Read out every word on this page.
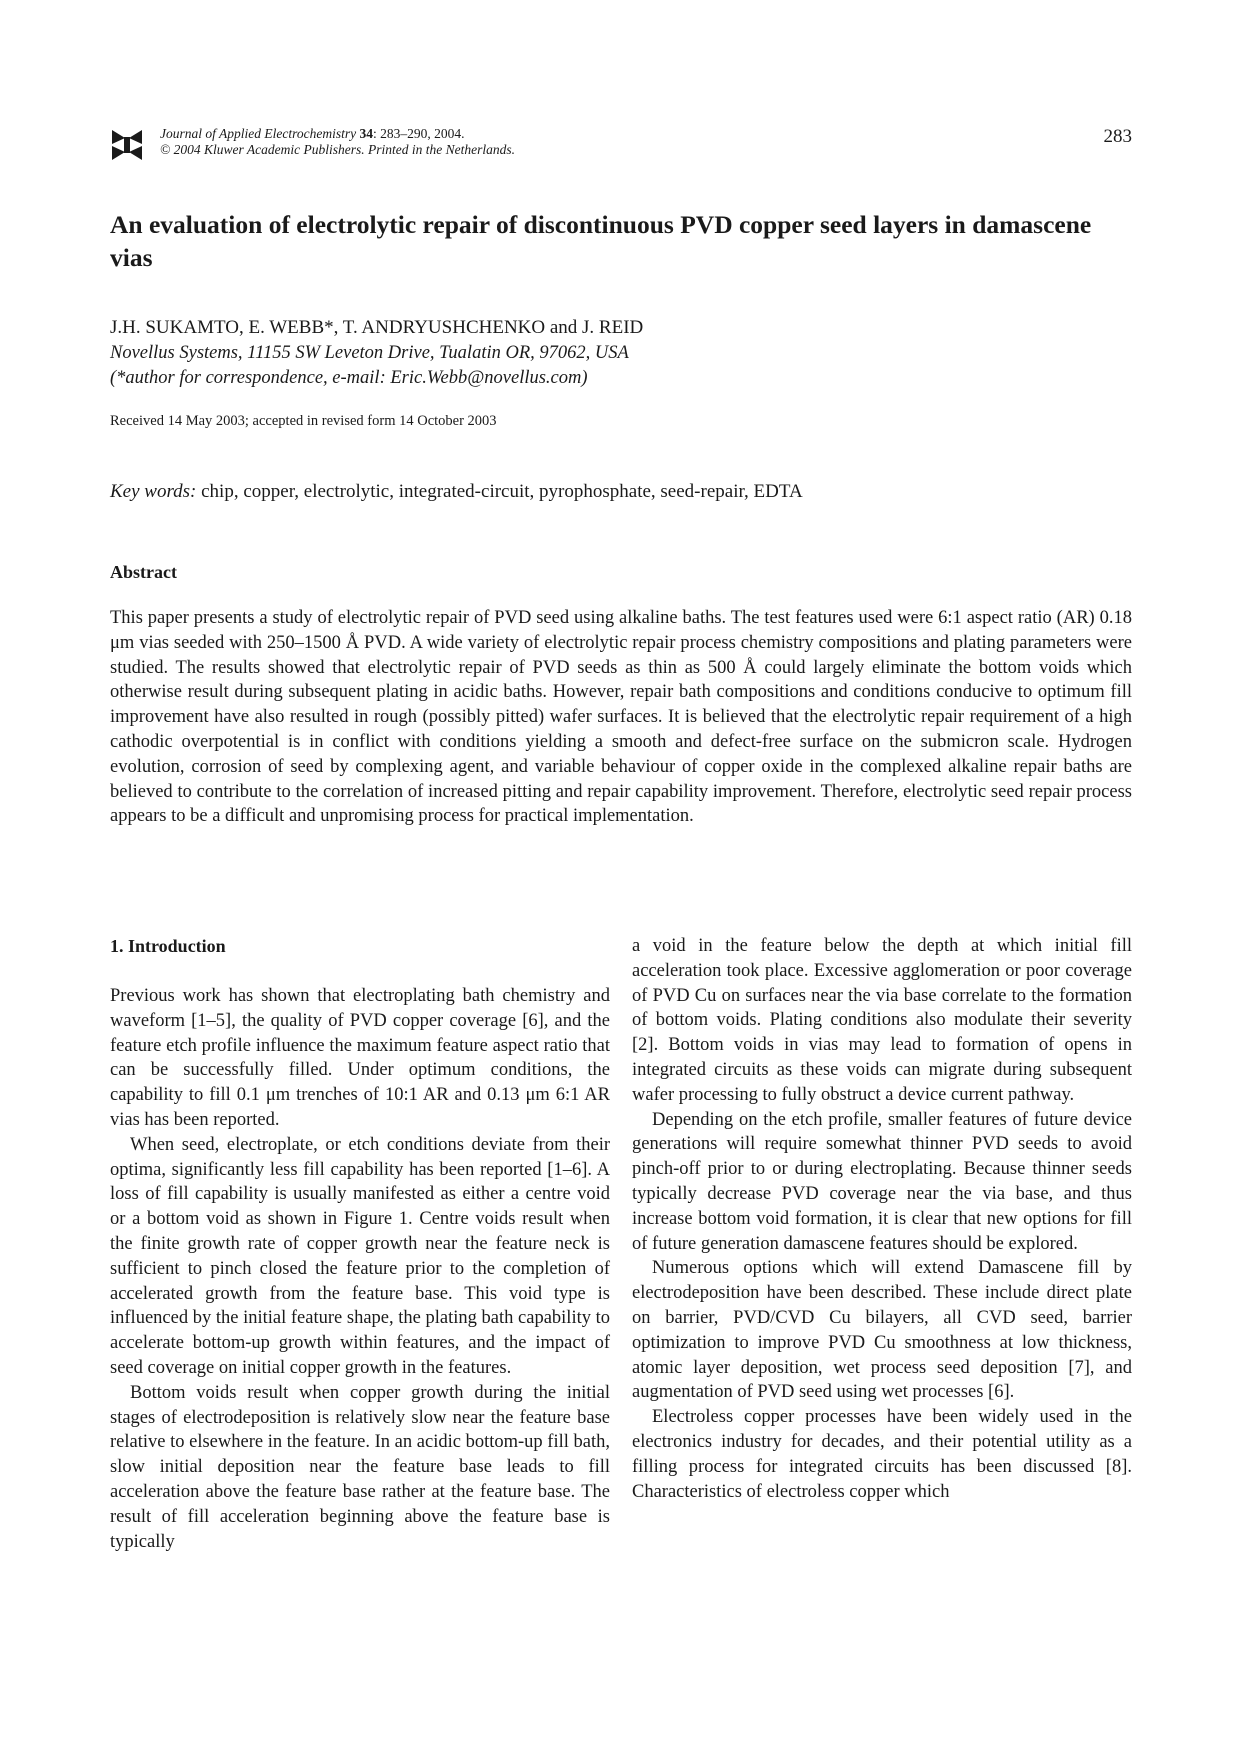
Journal of Applied Electrochemistry 34: 283–290, 2004.
© 2004 Kluwer Academic Publishers. Printed in the Netherlands.
283
An evaluation of electrolytic repair of discontinuous PVD copper seed layers in damascene vias
J.H. SUKAMTO, E. WEBB*, T. ANDRYUSHCHENKO and J. REID
Novellus Systems, 11155 SW Leveton Drive, Tualatin OR, 97062, USA
(*author for correspondence, e-mail: Eric.Webb@novellus.com)
Received 14 May 2003; accepted in revised form 14 October 2003
Key words: chip, copper, electrolytic, integrated-circuit, pyrophosphate, seed-repair, EDTA
Abstract

This paper presents a study of electrolytic repair of PVD seed using alkaline baths. The test features used were 6:1 aspect ratio (AR) 0.18 μm vias seeded with 250–1500 Å PVD. A wide variety of electrolytic repair process chemistry compositions and plating parameters were studied. The results showed that electrolytic repair of PVD seeds as thin as 500 Å could largely eliminate the bottom voids which otherwise result during subsequent plating in acidic baths. However, repair bath compositions and conditions conducive to optimum fill improvement have also resulted in rough (possibly pitted) wafer surfaces. It is believed that the electrolytic repair requirement of a high cathodic overpotential is in conflict with conditions yielding a smooth and defect-free surface on the submicron scale. Hydrogen evolution, corrosion of seed by complexing agent, and variable behaviour of copper oxide in the complexed alkaline repair baths are believed to contribute to the correlation of increased pitting and repair capability improvement. Therefore, electrolytic seed repair process appears to be a difficult and unpromising process for practical implementation.

1. Introduction

Previous work has shown that electroplating bath chemistry and waveform [1–5], the quality of PVD copper coverage [6], and the feature etch profile influence the maximum feature aspect ratio that can be successfully filled. Under optimum conditions, the capability to fill 0.1 μm trenches of 10:1 AR and 0.13 μm 6:1 AR vias has been reported.

When seed, electroplate, or etch conditions deviate from their optima, significantly less fill capability has been reported [1–6]. A loss of fill capability is usually manifested as either a centre void or a bottom void as shown in Figure 1. Centre voids result when the finite growth rate of copper growth near the feature neck is sufficient to pinch closed the feature prior to the completion of accelerated growth from the feature base. This void type is influenced by the initial feature shape, the plating bath capability to accelerate bottom-up growth within features, and the impact of seed coverage on initial copper growth in the features.

Bottom voids result when copper growth during the initial stages of electrodeposition is relatively slow near the feature base relative to elsewhere in the feature. In an acidic bottom-up fill bath, slow initial deposition near the feature base leads to fill acceleration above the feature base rather at the feature base. The result of fill acceleration beginning above the feature base is typically

a void in the feature below the depth at which initial fill acceleration took place. Excessive agglomeration or poor coverage of PVD Cu on surfaces near the via base correlate to the formation of bottom voids. Plating conditions also modulate their severity [2]. Bottom voids in vias may lead to formation of opens in integrated circuits as these voids can migrate during subsequent wafer processing to fully obstruct a device current pathway.

Depending on the etch profile, smaller features of future device generations will require somewhat thinner PVD seeds to avoid pinch-off prior to or during electroplating. Because thinner seeds typically decrease PVD coverage near the via base, and thus increase bottom void formation, it is clear that new options for fill of future generation damascene features should be explored.

Numerous options which will extend Damascene fill by electrodeposition have been described. These include direct plate on barrier, PVD/CVD Cu bilayers, all CVD seed, barrier optimization to improve PVD Cu smoothness at low thickness, atomic layer deposition, wet process seed deposition [7], and augmentation of PVD seed using wet processes [6].

Electroless copper processes have been widely used in the electronics industry for decades, and their potential utility as a filling process for integrated circuits has been discussed [8]. Characteristics of electroless copper which
